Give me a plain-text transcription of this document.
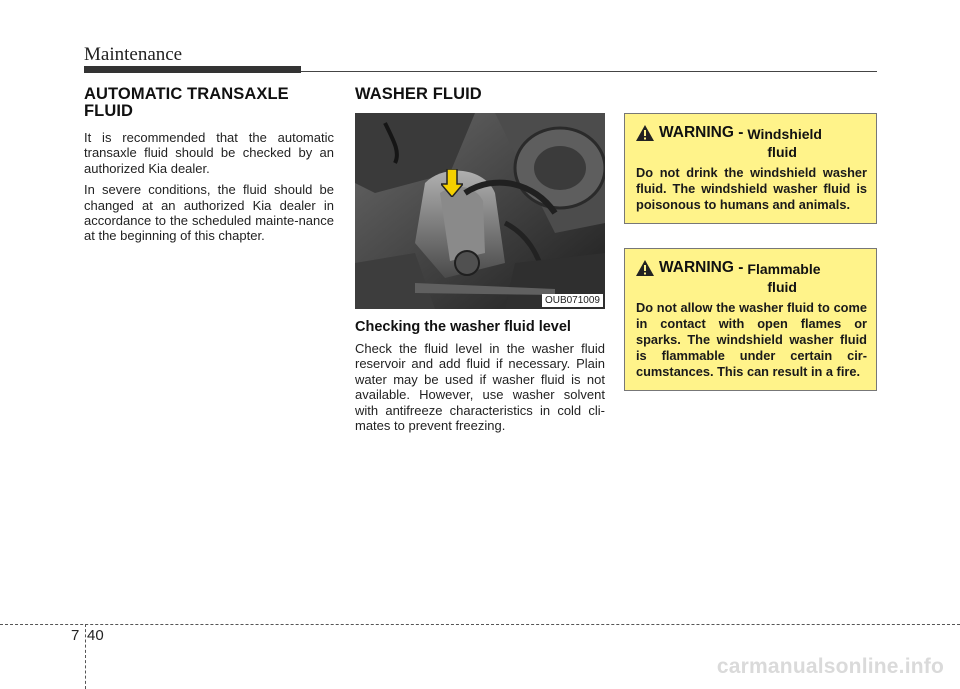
Maintenance
AUTOMATIC TRANSAXLE
FLUID

It is recommended that the automatic transaxle fluid should be checked by an authorized Kia dealer.

In severe conditions, the fluid should be changed at an authorized Kia dealer in accordance to the scheduled mainte-nance at the beginning of this chapter.

WASHER FLUID
OUB071009
Checking the washer fluid level

Check the fluid level in the washer fluid reservoir and add fluid if necessary. Plain water may be used if washer fluid is not available. However, use washer solvent with antifreeze characteristics in cold cli-mates to prevent freezing.

WARNING - Windshield
fluid
Do not drink the windshield washer fluid. The windshield washer fluid is poisonous to humans and animals.
WARNING - Flammable
fluid
Do not allow the washer fluid to come in contact with open flames or sparks. The windshield washer fluid is flammable under certain cir-cumstances. This can result in a fire.
7 40
carmanualsonline.info
